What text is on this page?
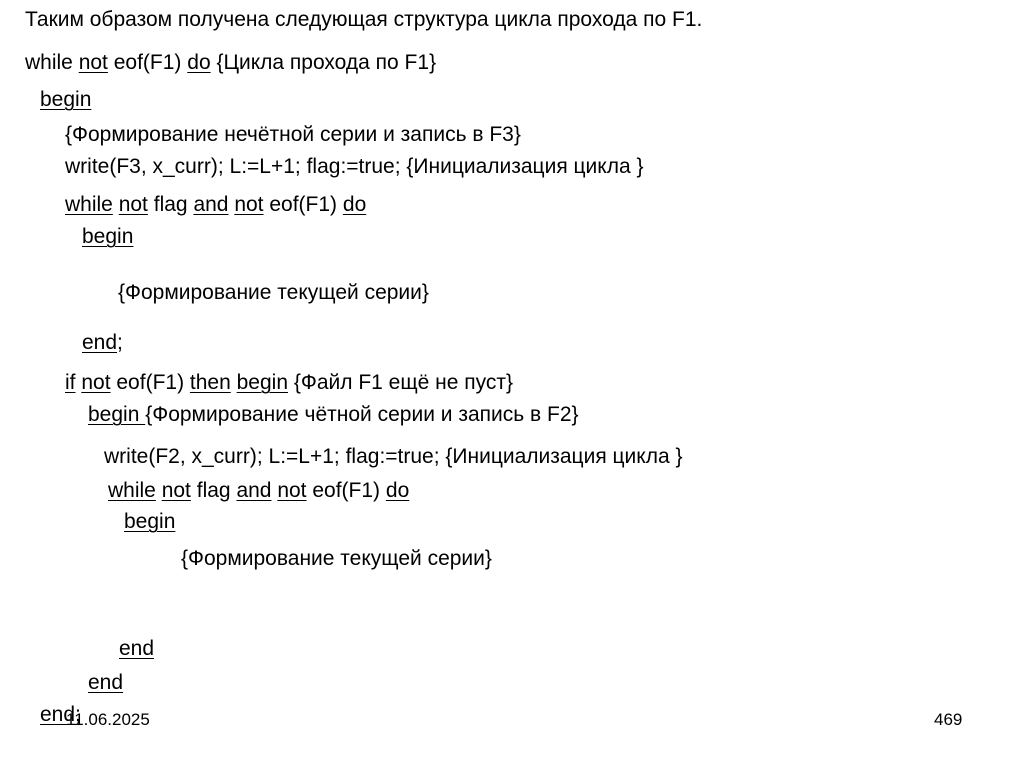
Таким образом получена следующая структура цикла прохода по F1.
while not eof(F1) do {Цикла прохода по F1}
begin
{Формирование нечётной серии и запись в F3}
write(F3, x_curr); L:=L+1; flag:=true; {Инициализация цикла }
while not flag and not eof(F1) do
begin
{Формирование текущей серии}
end;
if not eof(F1) then begin {Файл F1 ещё не пуст}
begin {Формирование чётной серии и запись в F2}
write(F2, x_curr); L:=L+1; flag:=true; {Инициализация цикла }
while not flag and not eof(F1) do
begin
{Формирование текущей серии}
end
end
end;
11.06.2025	469
